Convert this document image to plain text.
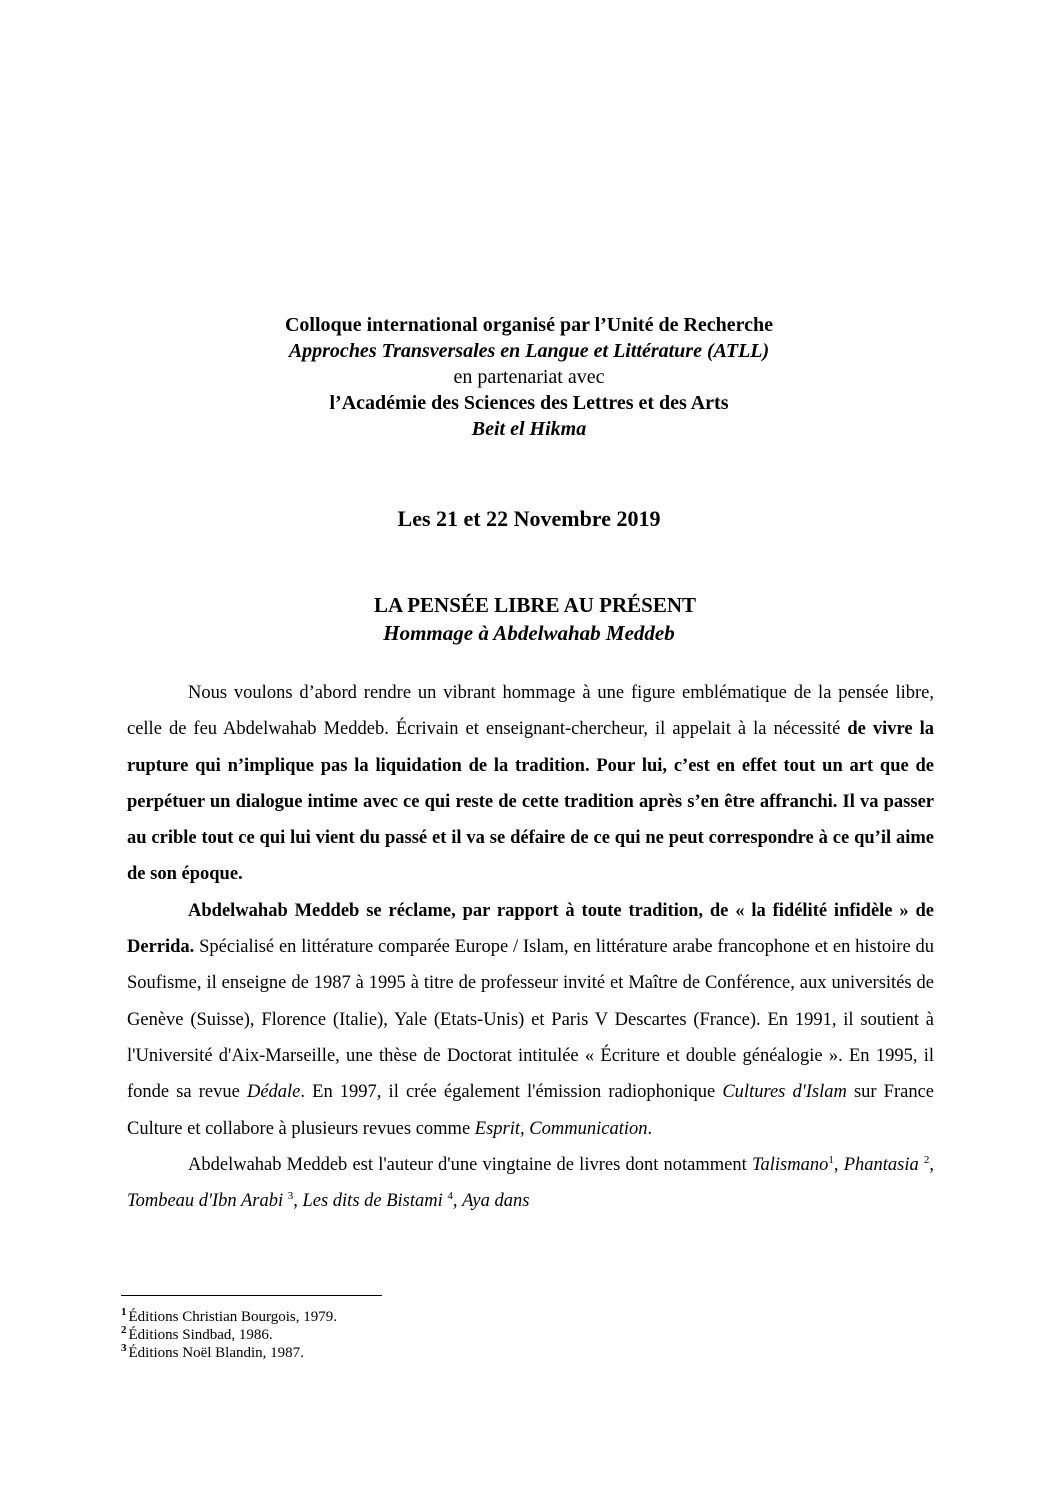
Colloque international organisé par l’Unité de Recherche
Approches Transversales en Langue et Littérature (ATLL)
en partenariat avec
l’Académie des Sciences des Lettres et des Arts
Beit el Hikma
Les 21 et 22 Novembre 2019
LA PENSÉE LIBRE AU PRÉSENT
Hommage à Abdelwahab Meddeb

Nous voulons d’abord rendre un vibrant hommage à une figure emblématique de la pensée libre, celle de feu Abdelwahab Meddeb. Écrivain et enseignant-chercheur, il appelait à la nécessité de vivre la rupture qui n’implique pas la liquidation de la tradition. Pour lui, c’est en effet tout un art que de perpétuer un dialogue intime avec ce qui reste de cette tradition après s’en être affranchi. Il va passer au crible tout ce qui lui vient du passé et il va se défaire de ce qui ne peut correspondre à ce qu’il aime de son époque.

Abdelwahab Meddeb se réclame, par rapport à toute tradition, de « la fidélité infidèle » de Derrida. Spécialisé en littérature comparée Europe / Islam, en littérature arabe francophone et en histoire du Soufisme, il enseigne de 1987 à 1995 à titre de professeur invité et Maître de Conférence, aux universités de Genève (Suisse), Florence (Italie), Yale (Etats-Unis) et Paris V Descartes (France). En 1991, il soutient à l'Université d'Aix-Marseille, une thèse de Doctorat intitulée « Écriture et double généalogie ». En 1995, il fonde sa revue Dédale. En 1997, il crée également l'émission radiophonique Cultures d'Islam sur France Culture et collabore à plusieurs revues comme Esprit, Communication.

Abdelwahab Meddeb est l'auteur d'une vingtaine de livres dont notamment Talismano$^1$, Phantasia $^2$, Tombeau d'Ibn Arabi $^3$, Les dits de Bistami $^4$, Aya dans

$^1$ Éditions Christian Bourgois, 1979.
$^2$ Éditions Sindbad, 1986.
$^3$ Éditions Noël Blandin, 1987.
